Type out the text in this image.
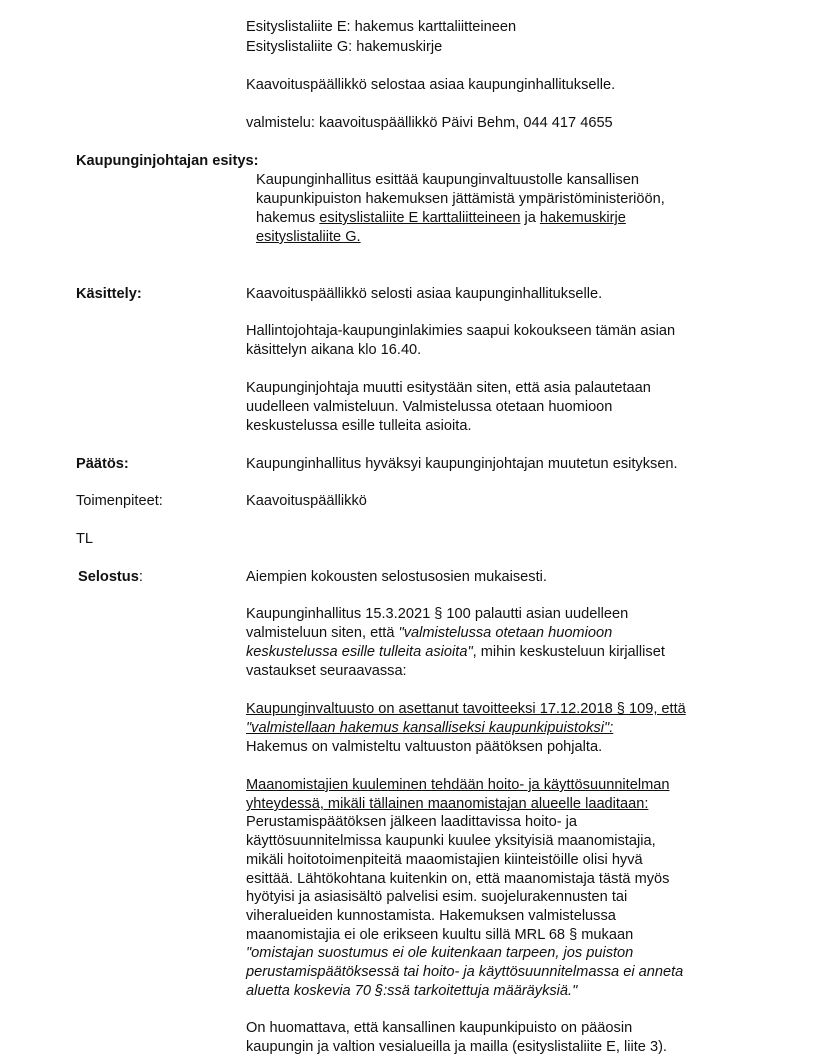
Esityslistaliite E: hakemus karttaliitteineen
Esityslistaliite G: hakemuskirje
Kaavoituspäällikkö selostaa asiaa kaupunginhallitukselle.
valmistelu: kaavoituspäällikkö Päivi Behm, 044 417 4655
Kaupunginjohtajan esitys:
Kaupunginhallitus esittää kaupunginvaltuustolle kansallisen
kaupunkipuiston hakemuksen jättämistä ympäristöministeriöön,
hakemus esityslistaliite E karttaliitteineen ja hakemuskirje
esityslistaliite G.
Käsittely:	Kaavoituspäällikkö selosti asiaa kaupunginhallitukselle.
Hallintojohtaja-kaupunginlakimies saapui kokoukseen tämän asian
käsittelyn aikana klo 16.40.
Kaupunginjohtaja muutti esitystään siten, että asia palautetaan
uudelleen valmisteluun. Valmistelussa otetaan huomioon
keskustelussa esille tulleita asioita.
Päätös:	Kaupunginhallitus hyväksyi kaupunginjohtajan muutetun esityksen.
Toimenpiteet:	Kaavoituspäällikkö
TL
Selostus:	Aiempien kokousten selostusosien mukaisesti.
Kaupunginhallitus 15.3.2021 § 100 palautti asian uudelleen
valmisteluun siten, että "valmistelussa otetaan huomioon
keskustelussa esille tulleita asioita", mihin keskusteluun kirjalliset
vastaukset seuraavassa:
Kaupunginvaltuusto on asettanut tavoitteeksi 17.12.2018 § 109, että
"valmistellaan hakemus kansalliseksi kaupunkipuistoksi":
Hakemus on valmisteltu valtuuston päätöksen pohjalta.
Maanomistajien kuuleminen tehdään hoito- ja käyttösuunnitelman
yhteydessä, mikäli tällainen maanomistajan alueelle laaditaan:
Perustamispäätöksen jälkeen laadittavissa hoito- ja
käyttösuunnitelmissa kaupunki kuulee yksityisiä maanomistajia,
mikäli hoitotoimenpiteitä maaomistajien kiinteistöille olisi hyvä
esittää. Lähtökohtana kuitenkin on, että maanomistaja tästä myös
hyötyisi ja asiasisältö palvelisi esim. suojelurakennusten tai
viheralueiden kunnostamista. Hakemuksen valmistelussa
maanomistajia ei ole erikseen kuultu sillä MRL 68 § mukaan
"omistajan suostumus ei ole kuitenkaan tarpeen, jos puiston
perustamispäätöksessä tai hoito- ja käyttösuunnitelmassa ei anneta
aluetta koskevia 70 §:ssä tarkoitettuja määräyksiä."
On huomattava, että kansallinen kaupunkipuisto on pääosin
kaupungin ja valtion vesialueilla ja mailla (esityslistaliite E, liite 3).
